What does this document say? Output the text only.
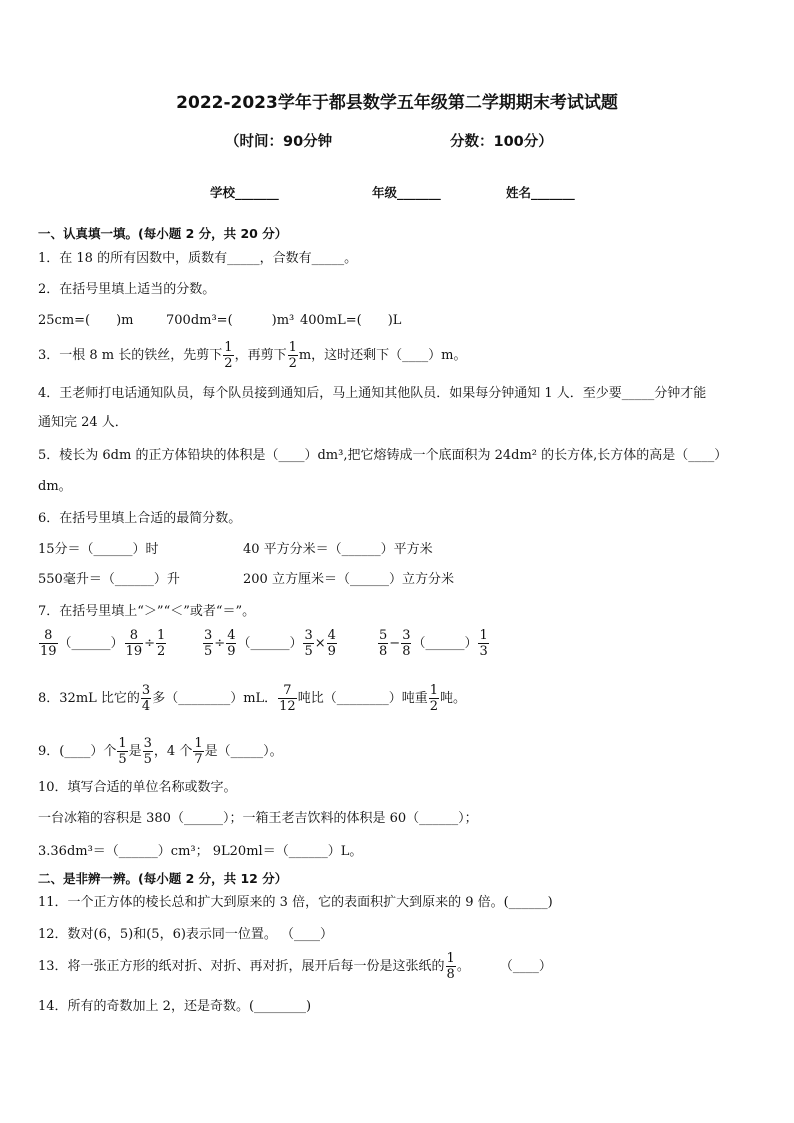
2022-2023学年于都县数学五年级第二学期期末考试试题
（时间：90分钟	分数：100分）
学校_______	年级_______	姓名_______
一、认真填一填。(每小题 2 分，共 20 分）
1．在 18 的所有因数中，质数有_____，合数有_____。
2．在括号里填上适当的分数。
25cm=(　　)m 700dm³=(　　　)m³ 400mL=(　　)L
3．一根 8 m 长的铁丝，先剪下 $\frac{1}{2}$ ，再剪下 $\frac{1}{2}$ m，这时还剩下（____）m。
4．王老师打电话通知队员，每个队员接到通知后，马上通知其他队员．如果每分钟通知 1 人．至少要_____分钟才能
通知完 24 人．
5．棱长为 6dm 的正方体铅块的体积是（____）dm³,把它熔铸成一个底面积为 24dm² 的长方体,长方体的高是（____）
dm。
6．在括号里填上合适的最简分数。
15分＝（______）时	40 平方分米＝（______）平方米
550毫升＝（______）升	200 立方厘米＝（______）立方分米
7．在括号里填上“＞”“＜”或者“＝”。
$\frac{8}{19}$ （______） $\frac{8}{19} \div \frac{1}{2}$	$\frac{3}{5} \div \frac{4}{9}$ （______） $\frac{3}{5} \times \frac{4}{9}$	$\frac{5}{8} - \frac{3}{8}$ （______） $\frac{1}{3}$
8．32mL 比它的 $\frac{3}{4}$ 多（________）mL． $\frac{7}{12}$ 吨比（________）吨重 $\frac{1}{2}$ 吨。
9．(____）个 $\frac{1}{5}$ 是 $\frac{3}{5}$ ，4 个 $\frac{1}{7}$ 是（_____）。
10．填写合适的单位名称或数字。
一台冰箱的容积是 380（______）；一箱王老吉饮料的体积是 60（______）；
3.36dm³＝（______）cm³； 9L20ml＝（______）L。
二、是非辨一辨。(每小题 2 分，共 12 分）
11．一个正方体的棱长总和扩大到原来的 3 倍，它的表面积扩大到原来的 9 倍。(______)
12．数对(6，5)和(5，6)表示同一位置。 （____）
13．将一张正方形的纸对折、对折、再对折，展开后每一份是这张纸的 $\frac{1}{8}$ 。 （____）
14．所有的奇数加上 2，还是奇数。(________)
